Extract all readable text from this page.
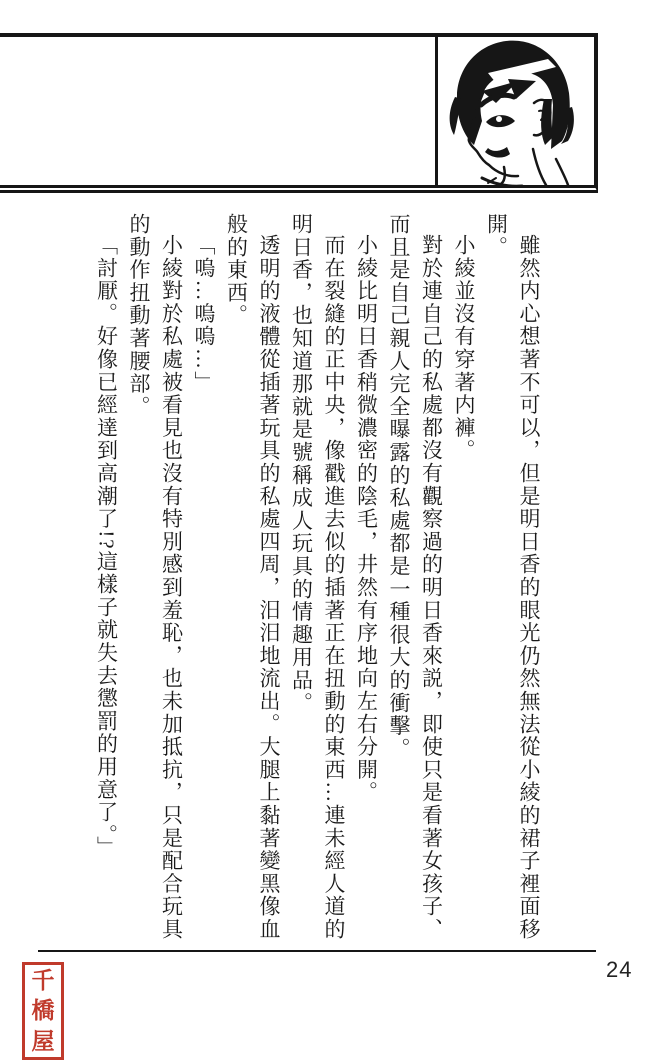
雖然内心想著不可以，但是明日香的眼光仍然無法從小綾的裙子裡面移開。

小綾並沒有穿著内褲。

對於連自己的私處都沒有觀察過的明日香來説，即使只是看著女孩子、而且是自己親人完全曝露的私處都是一種很大的衝擊。

小綾比明日香稍微濃密的陰毛，井然有序地向左右分開。

而在裂縫的正中央，像戳進去似的插著正在扭動的東西…連未經人道的明日香，也知道那就是號稱成人玩具的情趣用品。

透明的液體從插著玩具的私處四周，汨汨地流出。大腿上黏著變黑像血般的東西。

「嗚…嗚嗚…」

小綾對於私處被看見也沒有特別感到羞恥，也未加抵抗，只是配合玩具的動作扭動著腰部。

「討厭。好像已經達到高潮了!?這樣子就失去懲罰的用意了。」

24
千
橋
屋
